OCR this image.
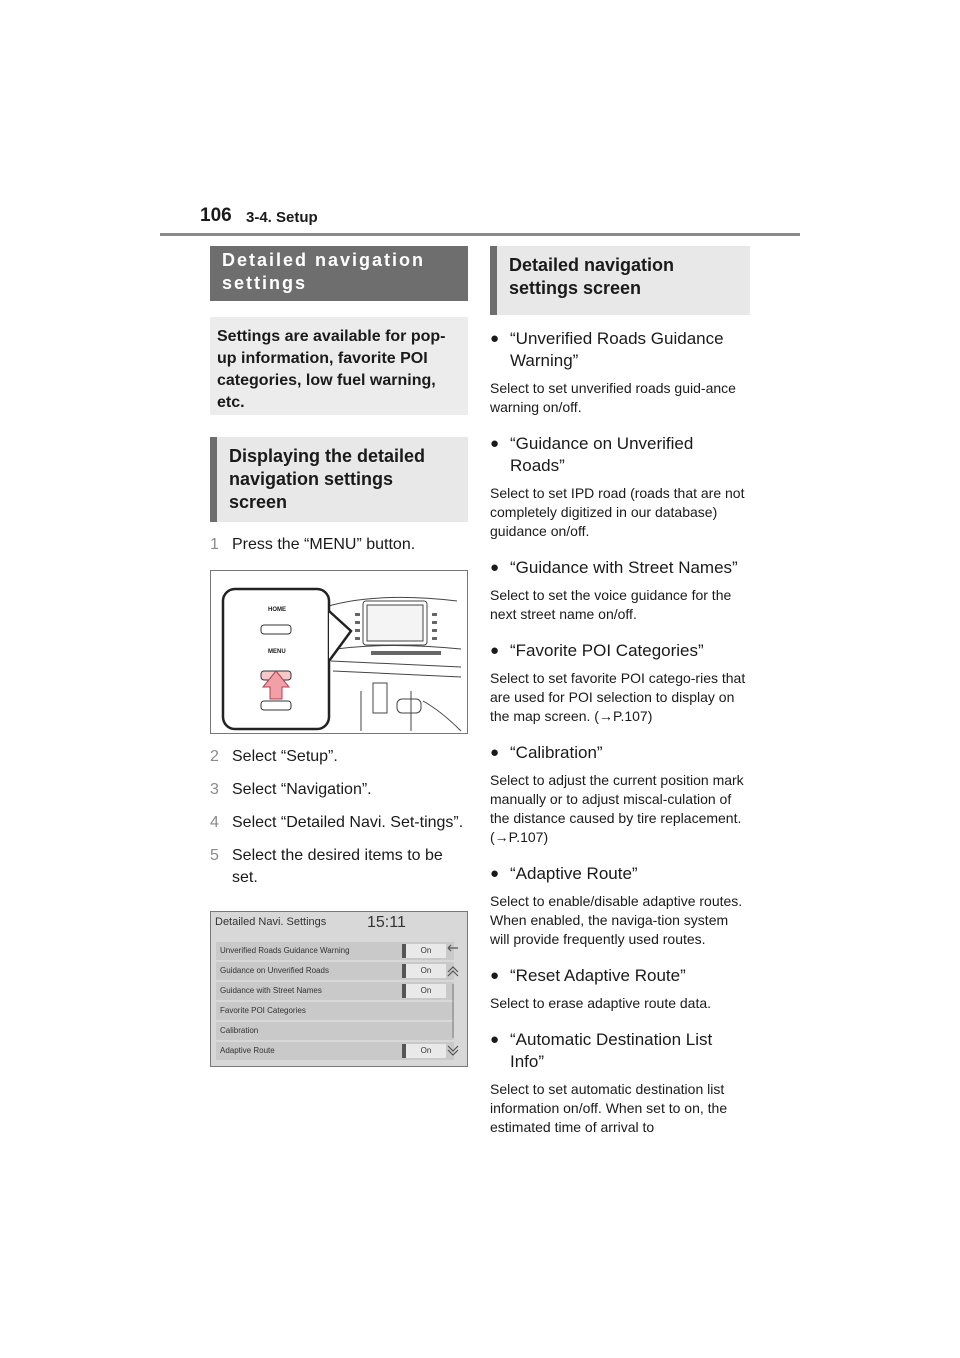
106 3-4. Setup
Detailed navigation settings
Settings are available for pop-up information, favorite POI categories, low fuel warning, etc.
Displaying the detailed navigation settings screen
1 Press the “MENU” button.
HOME
MENU
2 Select “Setup”.
3 Select “Navigation”.
4 Select “Detailed Navi. Set-tings”.
5 Select the desired items to be set.
Detailed Navi. Settings	15:11
Unverified Roads Guidance Warning	On
Guidance on Unverified Roads	On
Guidance with Street Names	On
Favorite POI Categories
Calibration
Adaptive Route	On
Detailed navigation settings screen
● “Unverified Roads Guidance Warning”
Select to set unverified roads guid-ance warning on/off.
● “Guidance on Unverified Roads”
Select to set IPD road (roads that are not completely digitized in our database) guidance on/off.
● “Guidance with Street Names”
Select to set the voice guidance for the next street name on/off.
● “Favorite POI Categories”
Select to set favorite POI catego-ries that are used for POI selection to display on the map screen. (→P.107)
● “Calibration”
Select to adjust the current position mark manually or to adjust miscal-culation of the distance caused by tire replacement. (→P.107)
● “Adaptive Route”
Select to enable/disable adaptive routes. When enabled, the naviga-tion system will provide frequently used routes.
● “Reset Adaptive Route”
Select to erase adaptive route data.
● “Automatic Destination List Info”
Select to set automatic destination list information on/off. When set to on, the estimated time of arrival to
